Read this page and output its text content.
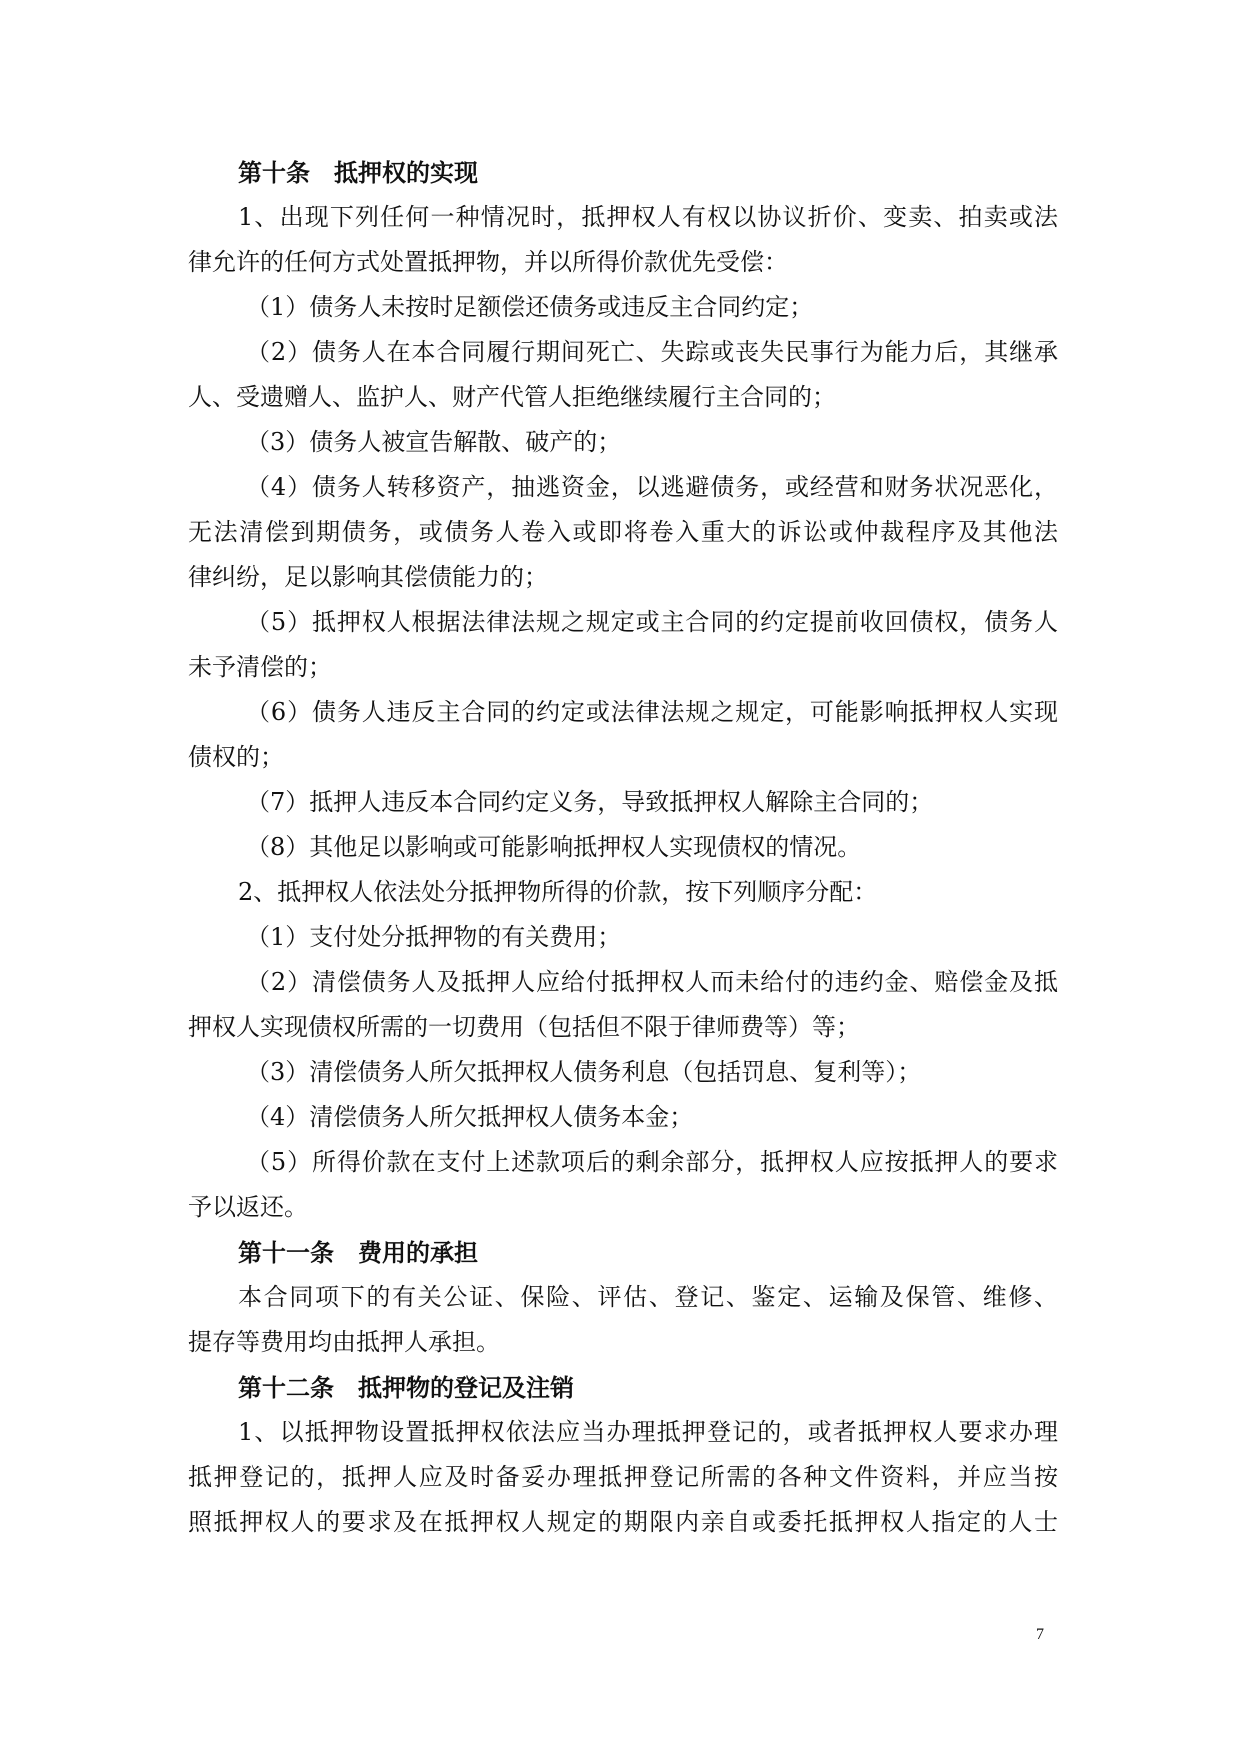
第十条　抵押权的实现
1、出现下列任何一种情况时，抵押权人有权以协议折价、变卖、拍卖或法
律允许的任何方式处置抵押物，并以所得价款优先受偿：
（1）债务人未按时足额偿还债务或违反主合同约定；
（2）债务人在本合同履行期间死亡、失踪或丧失民事行为能力后，其继承
人、受遗赠人、监护人、财产代管人拒绝继续履行主合同的；
（3）债务人被宣告解散、破产的；
（4）债务人转移资产，抽逃资金，以逃避债务，或经营和财务状况恶化，
无法清偿到期债务，或债务人卷入或即将卷入重大的诉讼或仲裁程序及其他法
律纠纷，足以影响其偿债能力的；
（5）抵押权人根据法律法规之规定或主合同的约定提前收回债权，债务人
未予清偿的；
（6）债务人违反主合同的约定或法律法规之规定，可能影响抵押权人实现
债权的；
（7）抵押人违反本合同约定义务，导致抵押权人解除主合同的；
（8）其他足以影响或可能影响抵押权人实现债权的情况。
2、抵押权人依法处分抵押物所得的价款，按下列顺序分配：
（1）支付处分抵押物的有关费用；
（2）清偿债务人及抵押人应给付抵押权人而未给付的违约金、赔偿金及抵
押权人实现债权所需的一切费用（包括但不限于律师费等）等；
（3）清偿债务人所欠抵押权人债务利息（包括罚息、复利等）；
（4）清偿债务人所欠抵押权人债务本金；
（5）所得价款在支付上述款项后的剩余部分，抵押权人应按抵押人的要求
予以返还。
第十一条　费用的承担
本合同项下的有关公证、保险、评估、登记、鉴定、运输及保管、维修、
提存等费用均由抵押人承担。
第十二条　抵押物的登记及注销
1、以抵押物设置抵押权依法应当办理抵押登记的，或者抵押权人要求办理
抵押登记的，抵押人应及时备妥办理抵押登记所需的各种文件资料，并应当按
照抵押权人的要求及在抵押权人规定的期限内亲自或委托抵押权人指定的人士
7
